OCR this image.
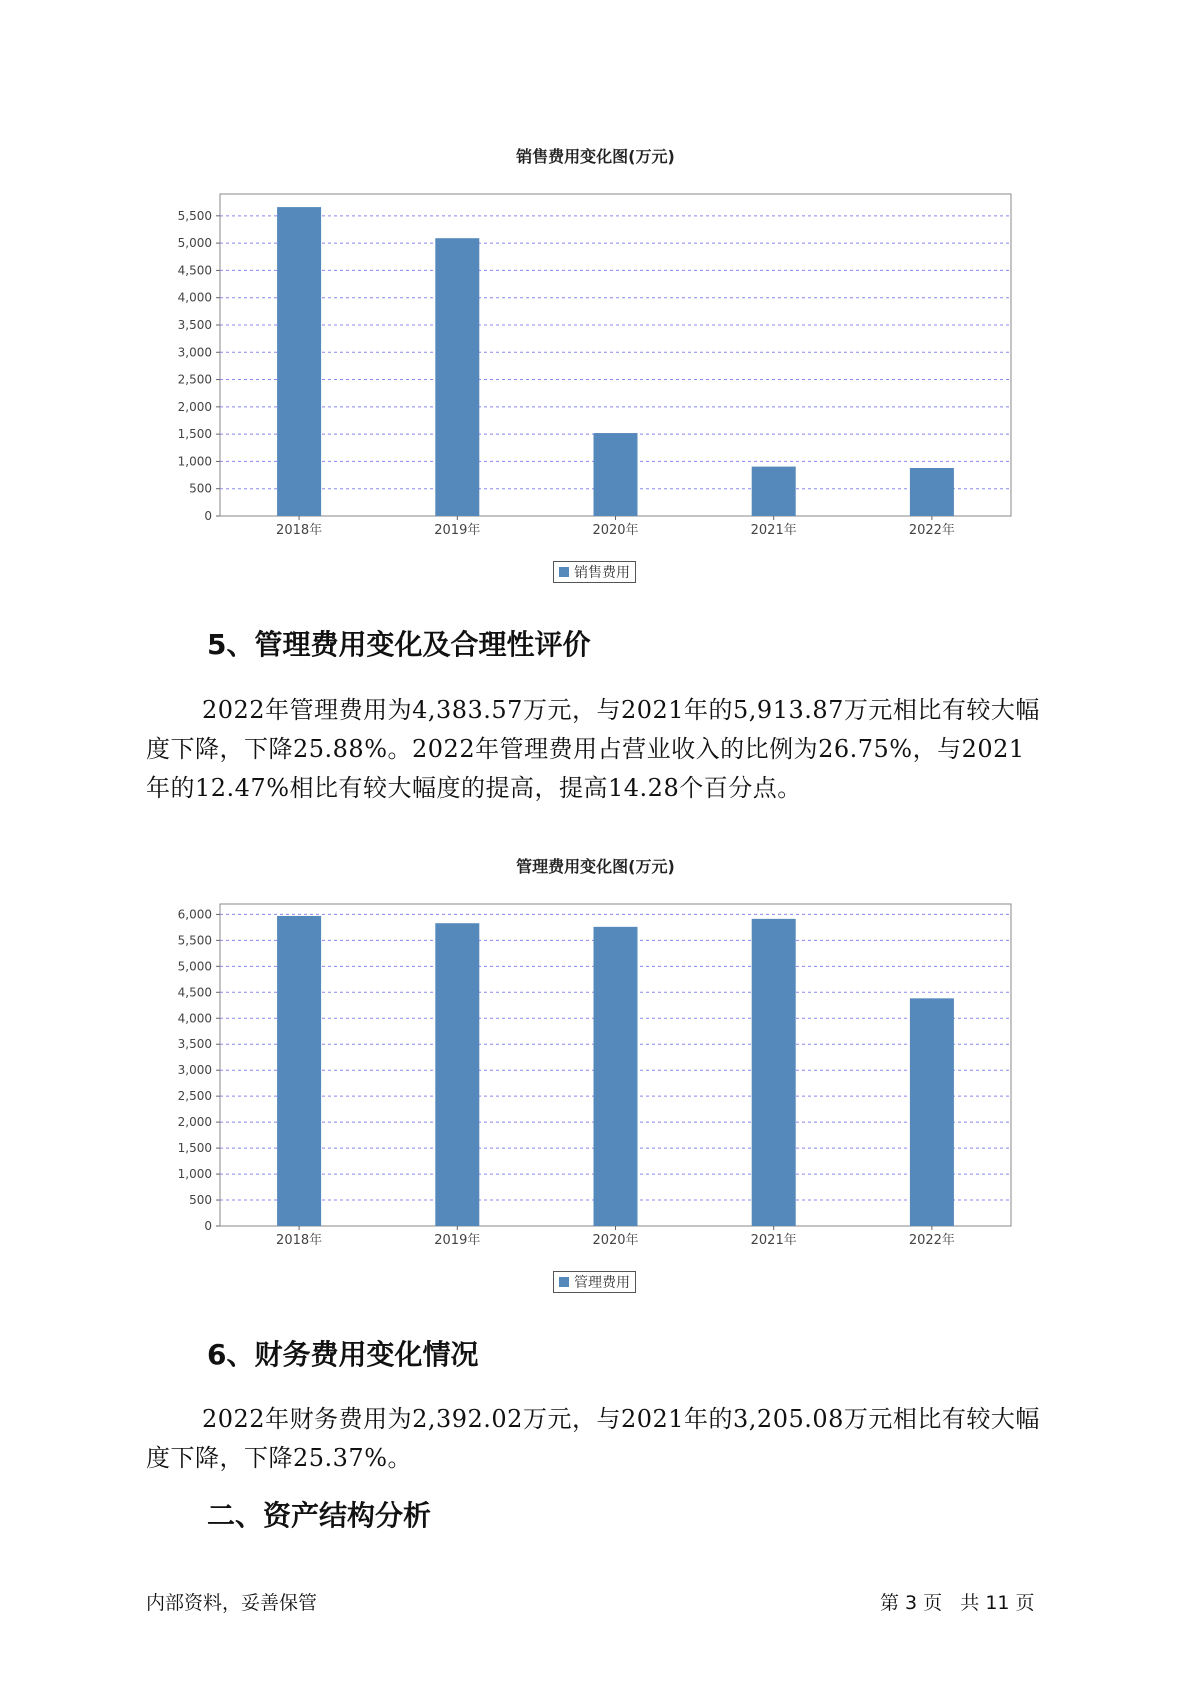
销售费用变化图(万元)
0
500
1,000
1,500
2,000
2,500
3,000
3,500
4,000
4,500
5,000
5,500
2018年	2019年	2020年	2021年	2022年
销售费用
5、管理费用变化及合理性评价

2022年管理费用为4,383.57万元，与2021年的5,913.87万元相比有较大幅度下降，下降25.88%。2022年管理费用占营业收入的比例为26.75%，与2021年的12.47%相比有较大幅度的提高，提高14.28个百分点。

管理费用变化图(万元)
0
500
1,000
1,500
2,000
2,500
3,000
3,500
4,000
4,500
5,000
5,500
6,000
2018年	2019年	2020年	2021年	2022年
管理费用
6、财务费用变化情况

2022年财务费用为2,392.02万元，与2021年的3,205.08万元相比有较大幅度下降，下降25.37%。

二、资产结构分析
内部资料，妥善保管	第 3 页   共 11 页
